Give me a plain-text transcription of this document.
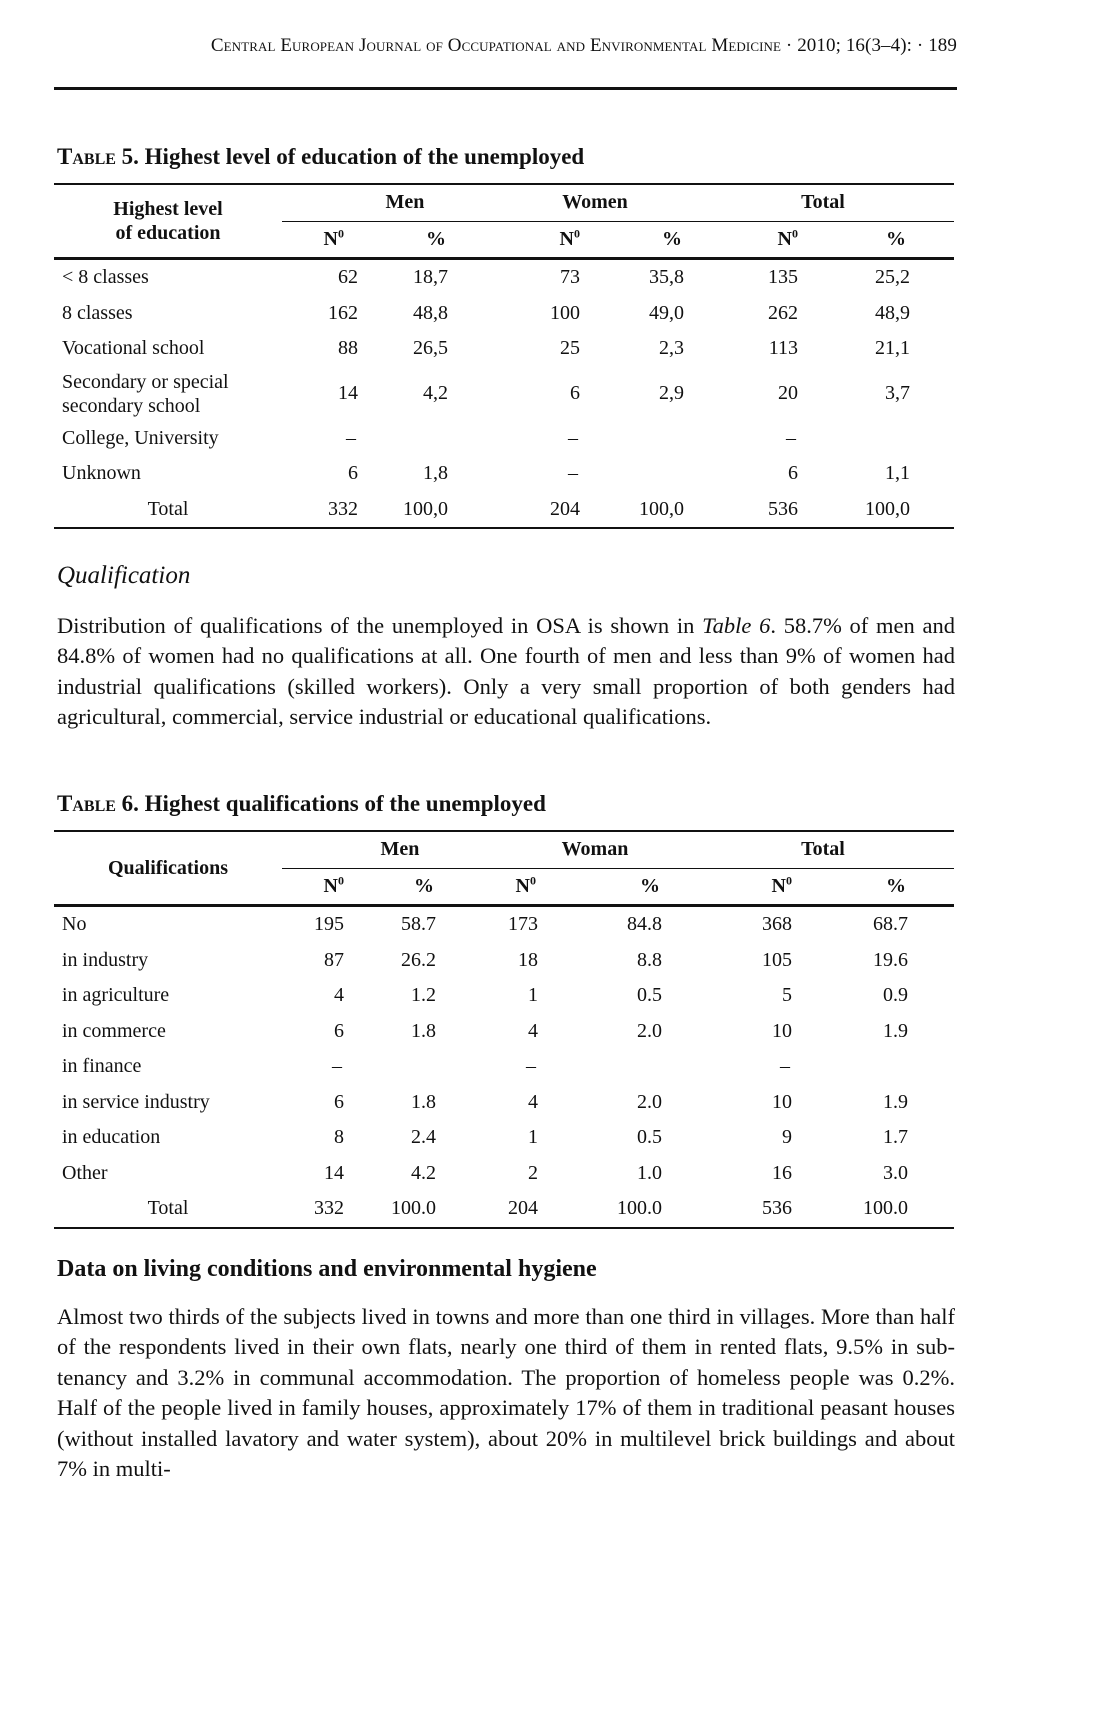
Central European Journal of Occupational and Environmental Medicine · 2010; 16(3–4): · 189
Table 5. Highest level of education of the unemployed
Highest level
of education	Men		Women		Total	
	$N^0$	%	$N^0$	%	$N^0$	%
< 8 classes	62	18,7	73	35,8	135	25,2
8 classes	162	48,8	100	49,0	262	48,9
Vocational school	88	26,5	25	2,3	113	21,1
Secondary or special
secondary school	14	4,2	6	2,9	20	3,7
College, University	–		–		–	
Unknown	6	1,8	–		6	1,1
Total	332	100,0	204	100,0	536	100,0
Qualification
Distribution of qualifications of the unemployed in OSA is shown in Table 6. 58.7% of men and 84.8% of women had no qualifications at all. One fourth of men and less than 9% of women had industrial qualifications (skilled workers). Only a very small proportion of both genders had agricultural, commercial, service industrial or educational qualifications.
Table 6. Highest qualifications of the unemployed
Qualifications	Men		Woman		Total	
	$N^0$	%	$N^0$	%	$N^0$	%
No	195	58.7	173	84.8	368	68.7
in industry	87	26.2	18	8.8	105	19.6
in agriculture	4	1.2	1	0.5	5	0.9
in commerce	6	1.8	4	2.0	10	1.9
in finance	–		–		–	
in service industry	6	1.8	4	2.0	10	1.9
in education	8	2.4	1	0.5	9	1.7
Other	14	4.2	2	1.0	16	3.0
Total	332	100.0	204	100.0	536	100.0
Data on living conditions and environmental hygiene
Almost two thirds of the subjects lived in towns and more than one third in villages. More than half of the respondents lived in their own flats, nearly one third of them in rented flats, 9.5% in sub-tenancy and 3.2% in communal accommodation. The proportion of homeless people was 0.2%. Half of the people lived in family houses, approximately 17% of them in traditional peasant houses (without installed lavatory and water system), about 20% in multilevel brick buildings and about 7% in multi-
